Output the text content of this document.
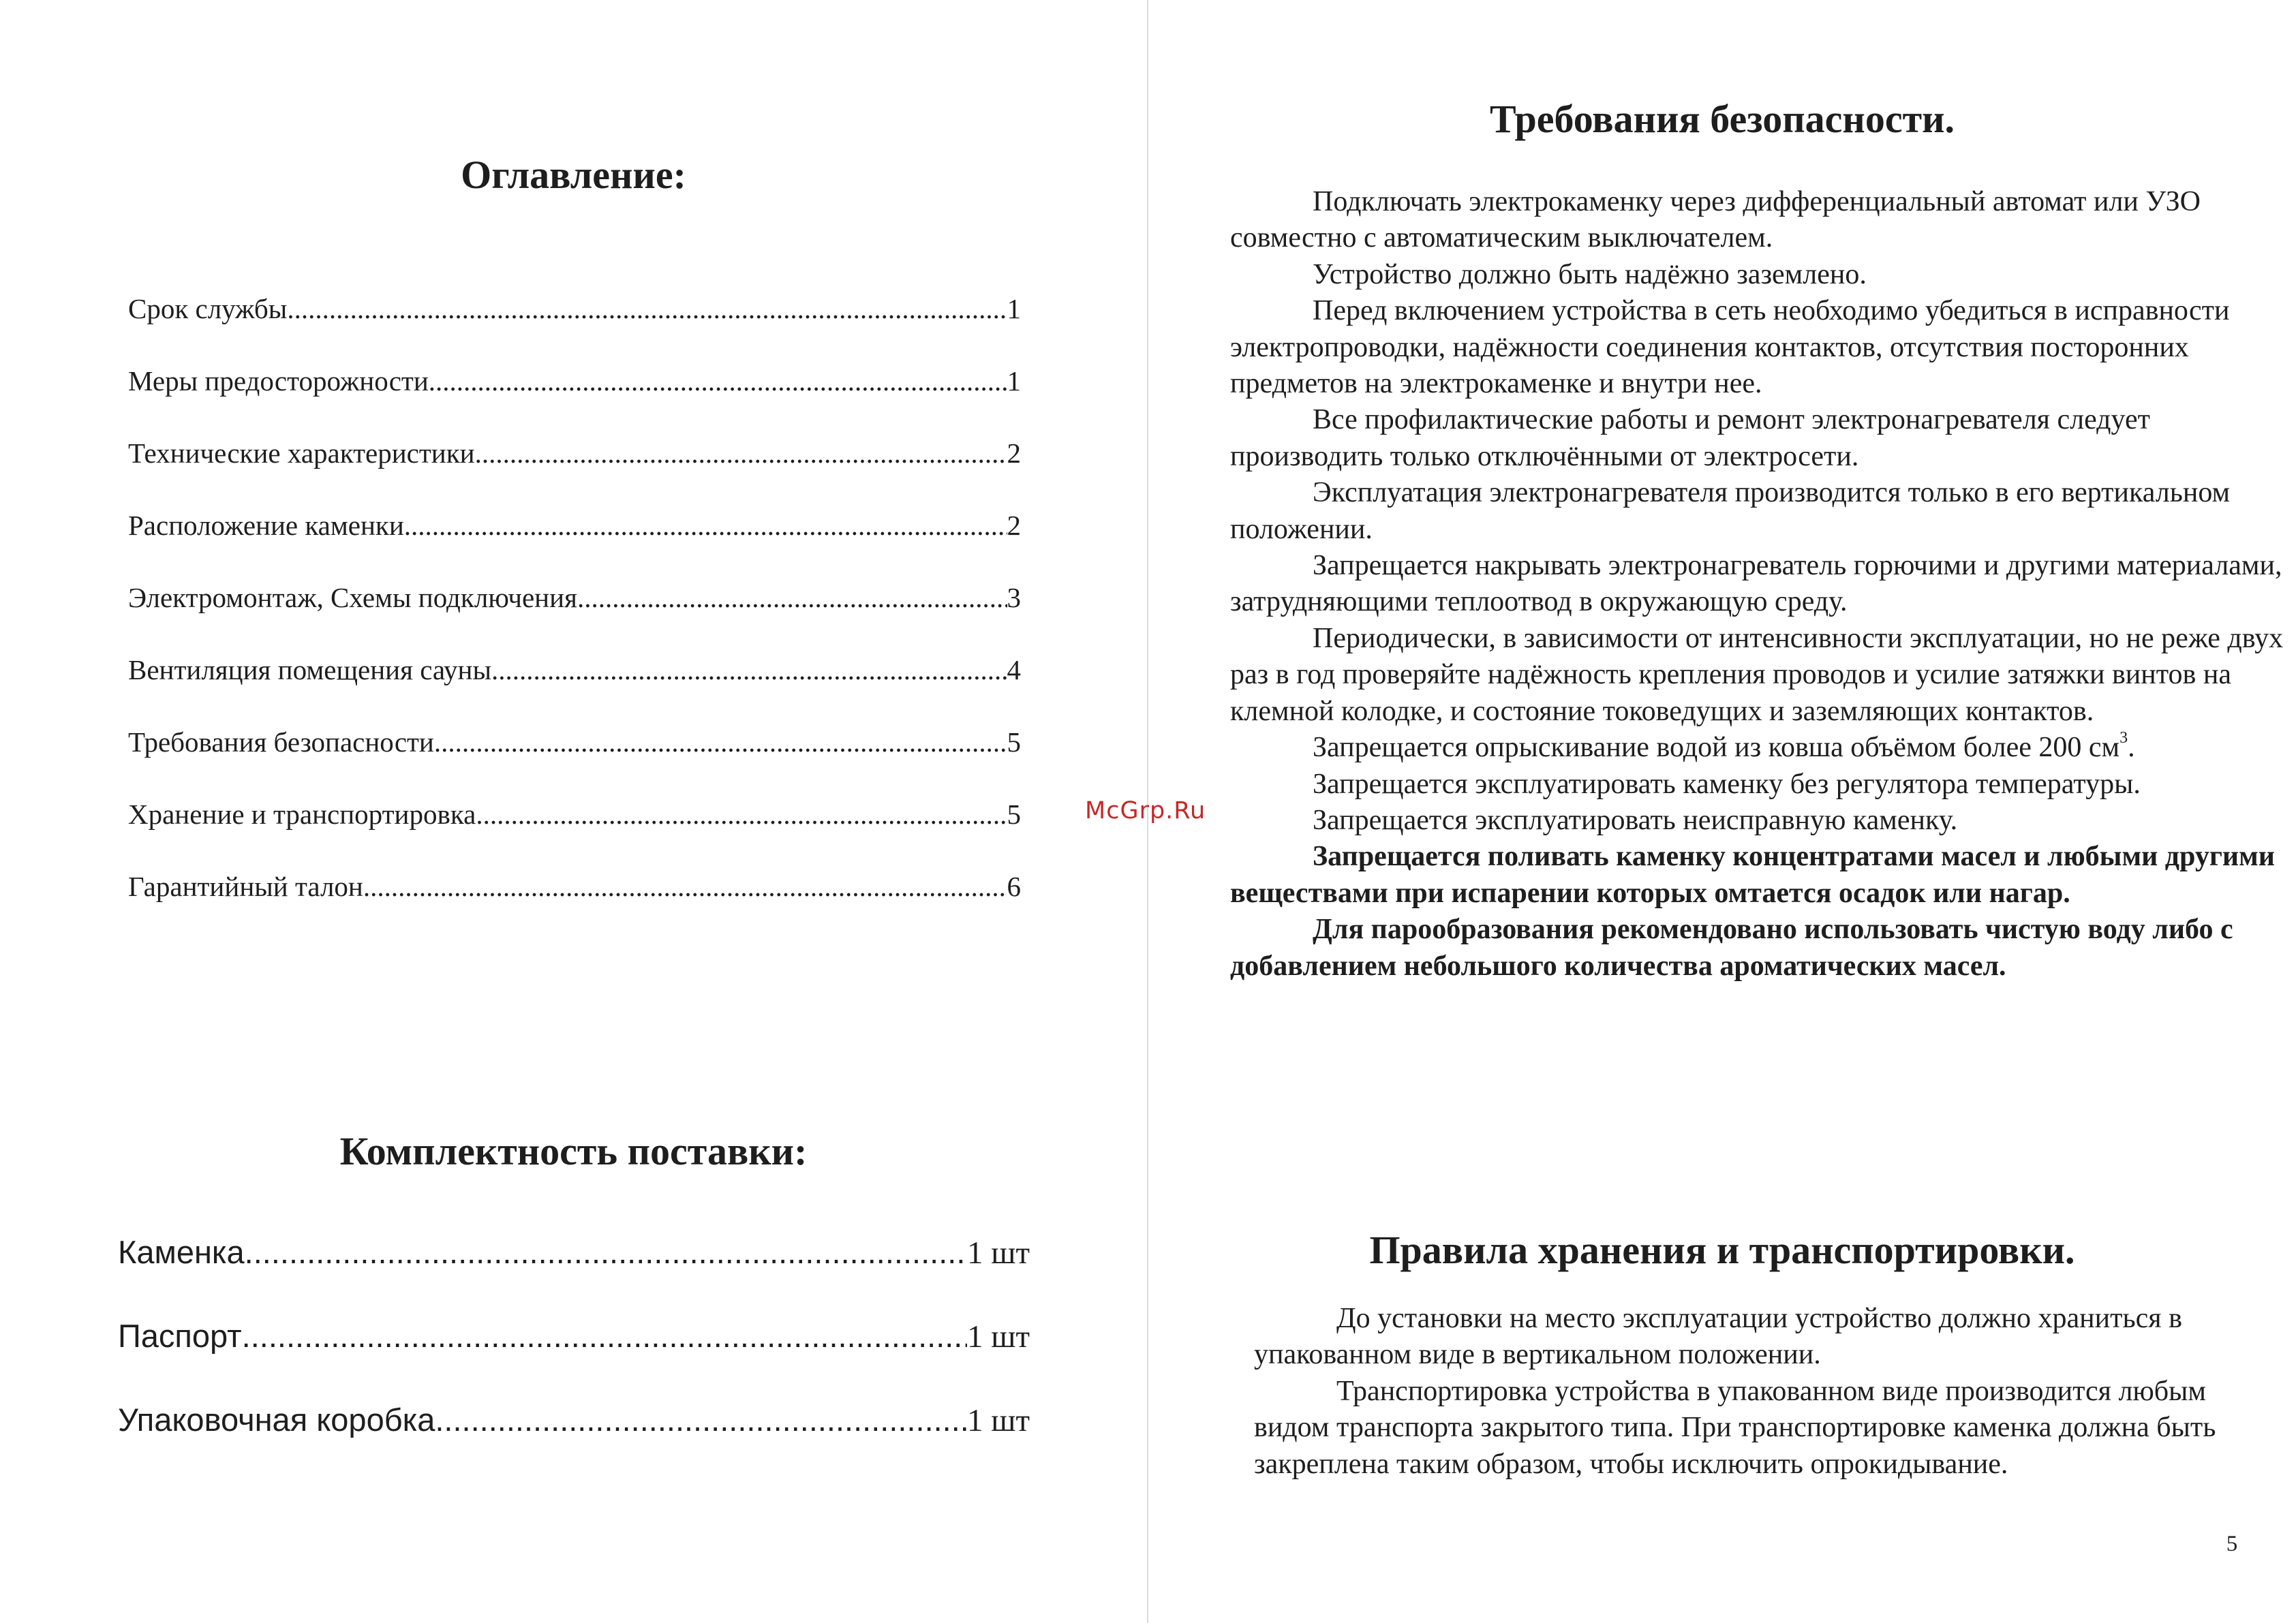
Оглавление:
Срок службы .....	1
Меры предосторожности .....	1
Технические характеристики .....	2
Расположение каменки .....	2
Электромонтаж, Схемы подключения .....	3
Вентиляция помещения сауны .....	4
Требования безопасности .....	5
Хранение и транспортировка .....	5
Гарантийный талон .....	6
Комплектность поставки:
Каменка .....	1 шт
Паспорт .....	1 шт
Упаковочная коробка .....	1 шт
McGrp.Ru
Требования безопасности.

Подключать электрокаменку через дифференциальный автомат или УЗО совместно с автоматическим выключателем.

Устройство должно быть надёжно заземлено.

Перед включением устройства в сеть необходимо убедиться в исправности электропроводки, надёжности соединения контактов, отсутствия посторонних предметов на электрокаменке и внутри нее.

Все профилактические работы и ремонт электронагревателя следует производить только отключёнными от электросети.

Эксплуатация электронагревателя производится только в его вертикальном положении.

Запрещается накрывать электронагреватель горючими и другими материалами, затрудняющими теплоотвод в окружающую среду.

Периодически, в зависимости от интенсивности эксплуатации, но не реже двух раз в год проверяйте надёжность крепления проводов и усилие затяжки винтов на клемной колодке, и состояние токоведущих и заземляющих контактов.

Запрещается опрыскивание водой из ковша объёмом более 200 $см^3$.

Запрещается эксплуатировать каменку без регулятора температуры.

Запрещается эксплуатировать неисправную каменку.

Запрещается поливать каменку концентратами масел и любыми другими веществами при испарении которых омтается осадок или нагар.

Для парообразования рекомендовано использовать чистую воду либо с добавлением небольшого количества ароматических масел.

Правила хранения и транспортировки.

До установки на место эксплуатации устройство должно храниться в упакованном виде в вертикальном положении.

Транспортировка устройства в упакованном виде производится любым видом транспорта закрытого типа. При транспортировке каменка должна быть закреплена таким образом, чтобы исключить опрокидывание.

5
